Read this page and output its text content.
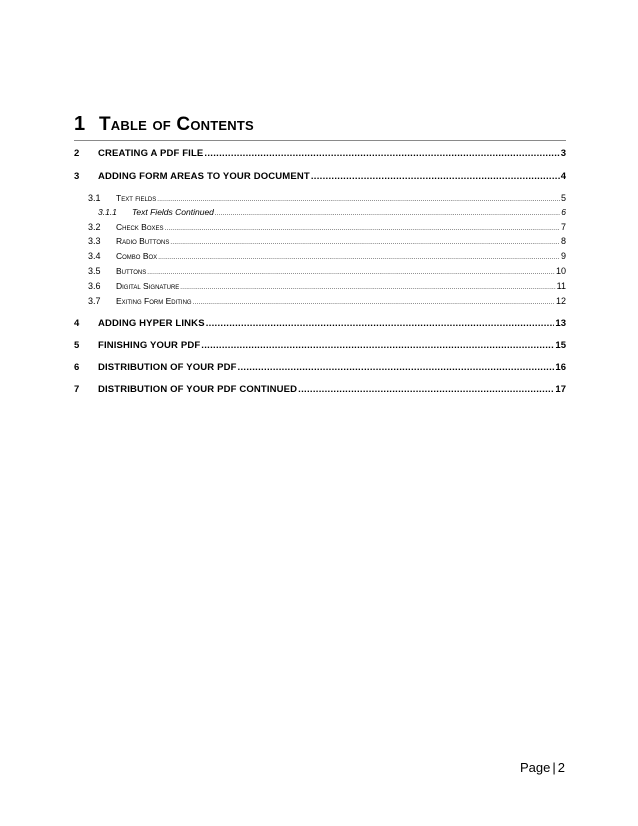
1 Table of Contents
2	CREATING A PDF FILE .....	3
3	ADDING FORM AREAS TO YOUR DOCUMENT .....	4
3.1	Text fields .....	5
3.1.1	Text Fields Continued .....	6
3.2	Check Boxes .....	7
3.3	Radio Buttons .....	8
3.4	Combo Box .....	9
3.5	Buttons .....	10
3.6	Digital Signature .....	11
3.7	Exiting Form Editing .....	12
4	ADDING HYPER LINKS .....	13
5	FINISHING YOUR PDF .....	15
6	DISTRIBUTION OF YOUR PDF .....	16
7	DISTRIBUTION OF YOUR PDF CONTINUED .....	17
Page | 2
